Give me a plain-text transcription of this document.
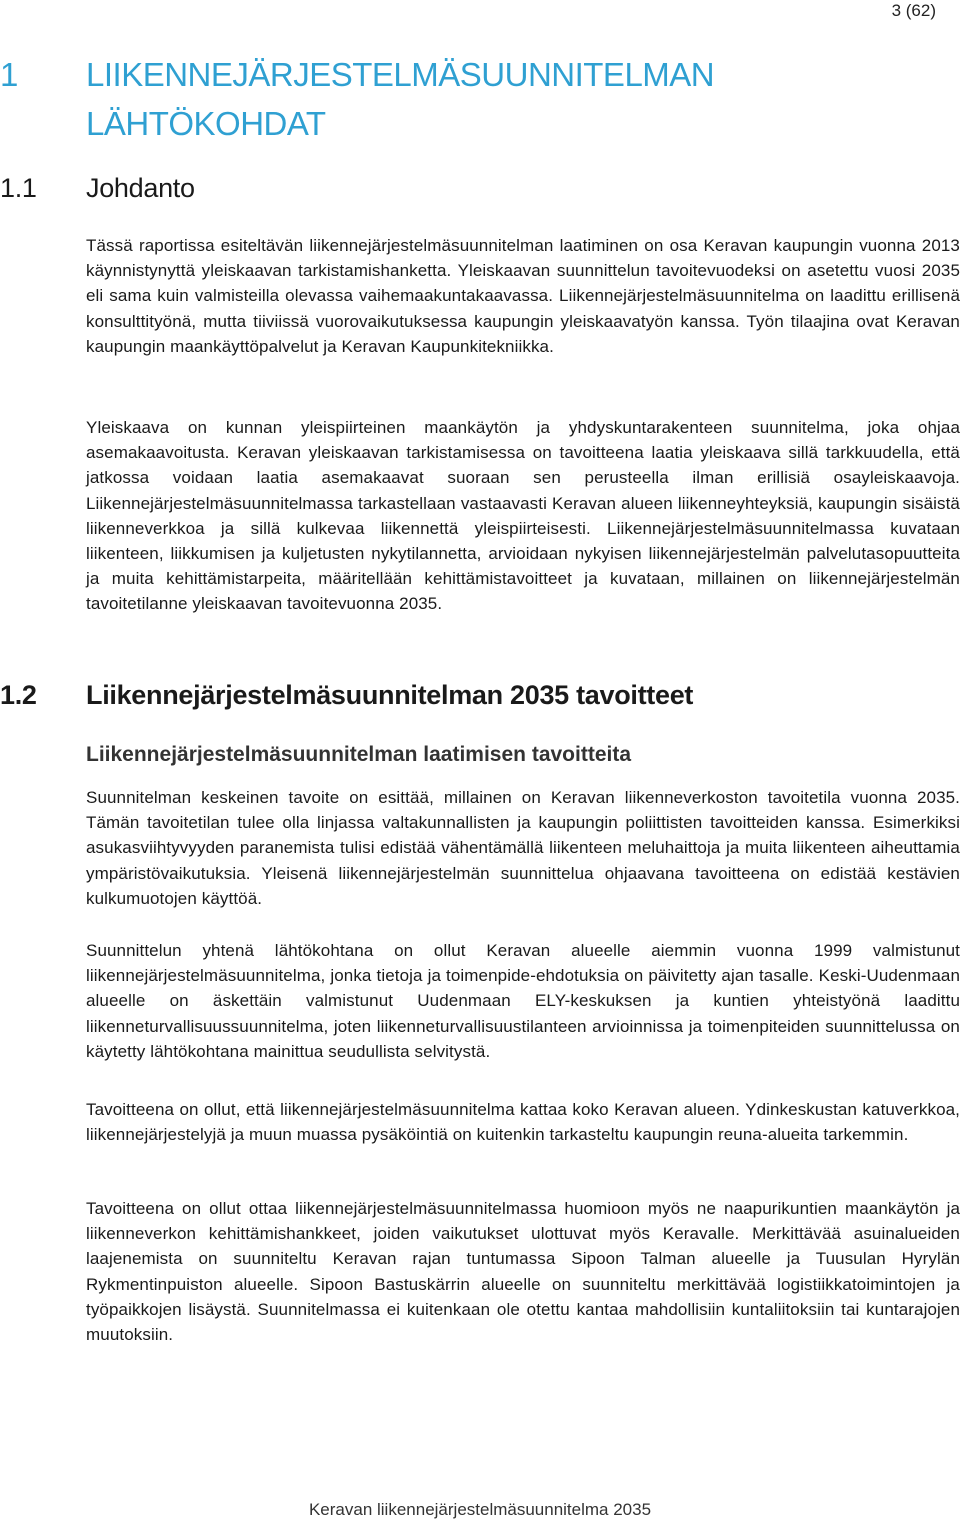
3 (62)
1 LIIKENNEJÄRJESTELMÄSUUNNITELMAN LÄHTÖKOHDAT
1.1 Johdanto

Tässä raportissa esiteltävän liikennejärjestelmäsuunnitelman laatiminen on osa Keravan kaupungin vuonna 2013 käynnistynyttä yleiskaavan tarkistamishanketta. Yleiskaavan suunnittelun tavoitevuodeksi on asetettu vuosi 2035 eli sama kuin valmisteilla olevassa vaihemaakuntakaavassa. Liikennejärjestelmäsuunnitelma on laadittu erillisenä konsulttityönä, mutta tiiviissä vuorovaikutuksessa kaupungin yleiskaavatyön kanssa. Työn tilaajina ovat Keravan kaupungin maankäyttöpalvelut ja Keravan Kaupunkitekniikka.

Yleiskaava on kunnan yleispiirteinen maankäytön ja yhdyskuntarakenteen suunnitelma, joka ohjaa asemakaavoitusta. Keravan yleiskaavan tarkistamisessa on tavoitteena laatia yleiskaava sillä tarkkuudella, että jatkossa voidaan laatia asemakaavat suoraan sen perusteella ilman erillisiä osayleiskaavoja. Liikennejärjestelmäsuunnitelmassa tarkastellaan vastaavasti Keravan alueen liikenneyhteyksiä, kaupungin sisäistä liikenneverkkoa ja sillä kulkevaa liikennettä yleispiirteisesti. Liikennejärjestelmäsuunnitelmassa kuvataan liikenteen, liikkumisen ja kuljetusten nykytilannetta, arvioidaan nykyisen liikennejärjestelmän palvelutasopuutteita ja muita kehittämistarpeita, määritellään kehittämistavoitteet ja kuvataan, millainen on liikennejärjestelmän tavoitetilanne yleiskaavan tavoitevuonna 2035.

1.2 Liikennejärjestelmäsuunnitelman 2035 tavoitteet
Liikennejärjestelmäsuunnitelman laatimisen tavoitteita

Suunnitelman keskeinen tavoite on esittää, millainen on Keravan liikenneverkoston tavoitetila vuonna 2035. Tämän tavoitetilan tulee olla linjassa valtakunnallisten ja kaupungin poliittisten tavoitteiden kanssa. Esimerkiksi asukasviihtyvyyden paranemista tulisi edistää vähentämällä liikenteen meluhaittoja ja muita liikenteen aiheuttamia ympäristövaikutuksia. Yleisenä liikennejärjestelmän suunnittelua ohjaavana tavoitteena on edistää kestävien kulkumuotojen käyttöä.

Suunnittelun yhtenä lähtökohtana on ollut Keravan alueelle aiemmin vuonna 1999 valmistunut liikennejärjestelmäsuunnitelma, jonka tietoja ja toimenpide-ehdotuksia on päivitetty ajan tasalle. Keski-Uudenmaan alueelle on äskettäin valmistunut Uudenmaan ELY-keskuksen ja kuntien yhteistyönä laadittu liikenneturvallisuussuunnitelma, joten liikenneturvallisuustilanteen arvioinnissa ja toimenpiteiden suunnittelussa on käytetty lähtökohtana mainittua seudullista selvitystä.

Tavoitteena on ollut, että liikennejärjestelmäsuunnitelma kattaa koko Keravan alueen. Ydinkeskustan katuverkkoa, liikennejärjestelyjä ja muun muassa pysäköintiä on kuitenkin tarkasteltu kaupungin reuna-alueita tarkemmin.

Tavoitteena on ollut ottaa liikennejärjestelmäsuunnitelmassa huomioon myös ne naapurikuntien maankäytön ja liikenneverkon kehittämishankkeet, joiden vaikutukset ulottuvat myös Keravalle. Merkittävää asuinalueiden laajenemista on suunniteltu Keravan rajan tuntumassa Sipoon Talman alueelle ja Tuusulan Hyrylän Rykmentinpuiston alueelle. Sipoon Bastuskärrin alueelle on suunniteltu merkittävää logistiikkatoimintojen ja työpaikkojen lisäystä. Suunnitelmassa ei kuitenkaan ole otettu kantaa mahdollisiin kuntaliitoksiin tai kuntarajojen muutoksiin.

Keravan liikennejärjestelmäsuunnitelma 2035
